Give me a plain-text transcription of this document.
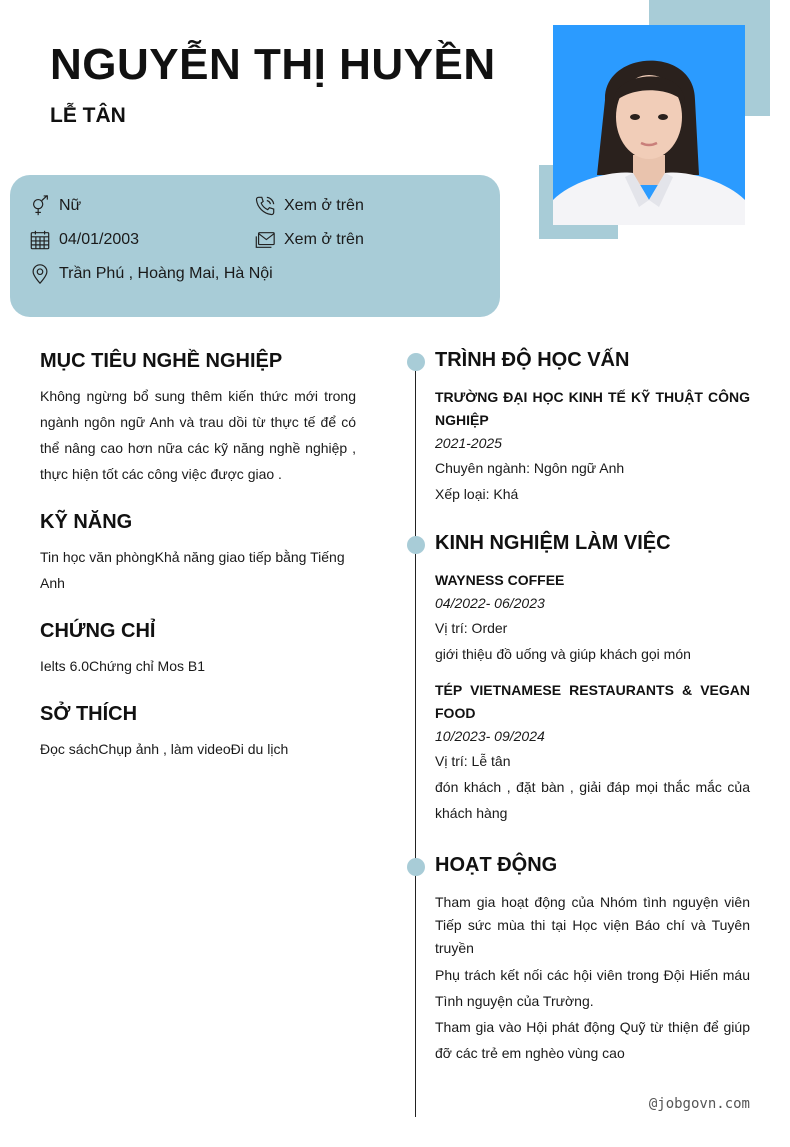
NGUYỄN THỊ HUYỀN
LỄ TÂN
Nữ
04/01/2003
Trần Phú , Hoàng Mai, Hà Nội
Xem ở trên
Xem ở trên
MỤC TIÊU NGHỀ NGHIỆP
Không ngừng bổ sung thêm kiến thức mới trong ngành ngôn ngữ Anh và trau dồi từ thực tế để có thể nâng cao hơn nữa các kỹ năng nghề nghiệp , thực hiện tốt các công việc được giao .
KỸ NĂNG
Tin học văn phòngKhả năng giao tiếp bằng Tiếng Anh
CHỨNG CHỈ
Ielts 6.0Chứng chỉ Mos B1
SỞ THÍCH
Đọc sáchChụp ảnh , làm videoĐi du lịch
TRÌNH ĐỘ HỌC VẤN
TRƯỜNG ĐẠI HỌC KINH TẾ KỸ THUẬT CÔNG NGHIỆP
2021-2025
Chuyên ngành: Ngôn ngữ Anh
Xếp loại: Khá
KINH NGHIỆM LÀM VIỆC
WAYNESS COFFEE
04/2022- 06/2023
Vị trí: Order
giới thiệu đồ uống và giúp khách gọi món
TÉP VIETNAMESE RESTAURANTS & VEGAN FOOD
10/2023- 09/2024
Vị trí: Lễ tân
đón khách , đặt bàn , giải đáp mọi thắc mắc của khách hàng
HOẠT ĐỘNG
Tham gia hoạt động của Nhóm tình nguyện viên Tiếp sức mùa thi tại Học viện Báo chí và Tuyên truyền
Phụ trách kết nối các hội viên trong Đội Hiến máu Tình nguyện của Trường.
Tham gia vào Hội phát động Quỹ từ thiện để giúp đỡ các trẻ em nghèo vùng cao
@jobgovn.com
